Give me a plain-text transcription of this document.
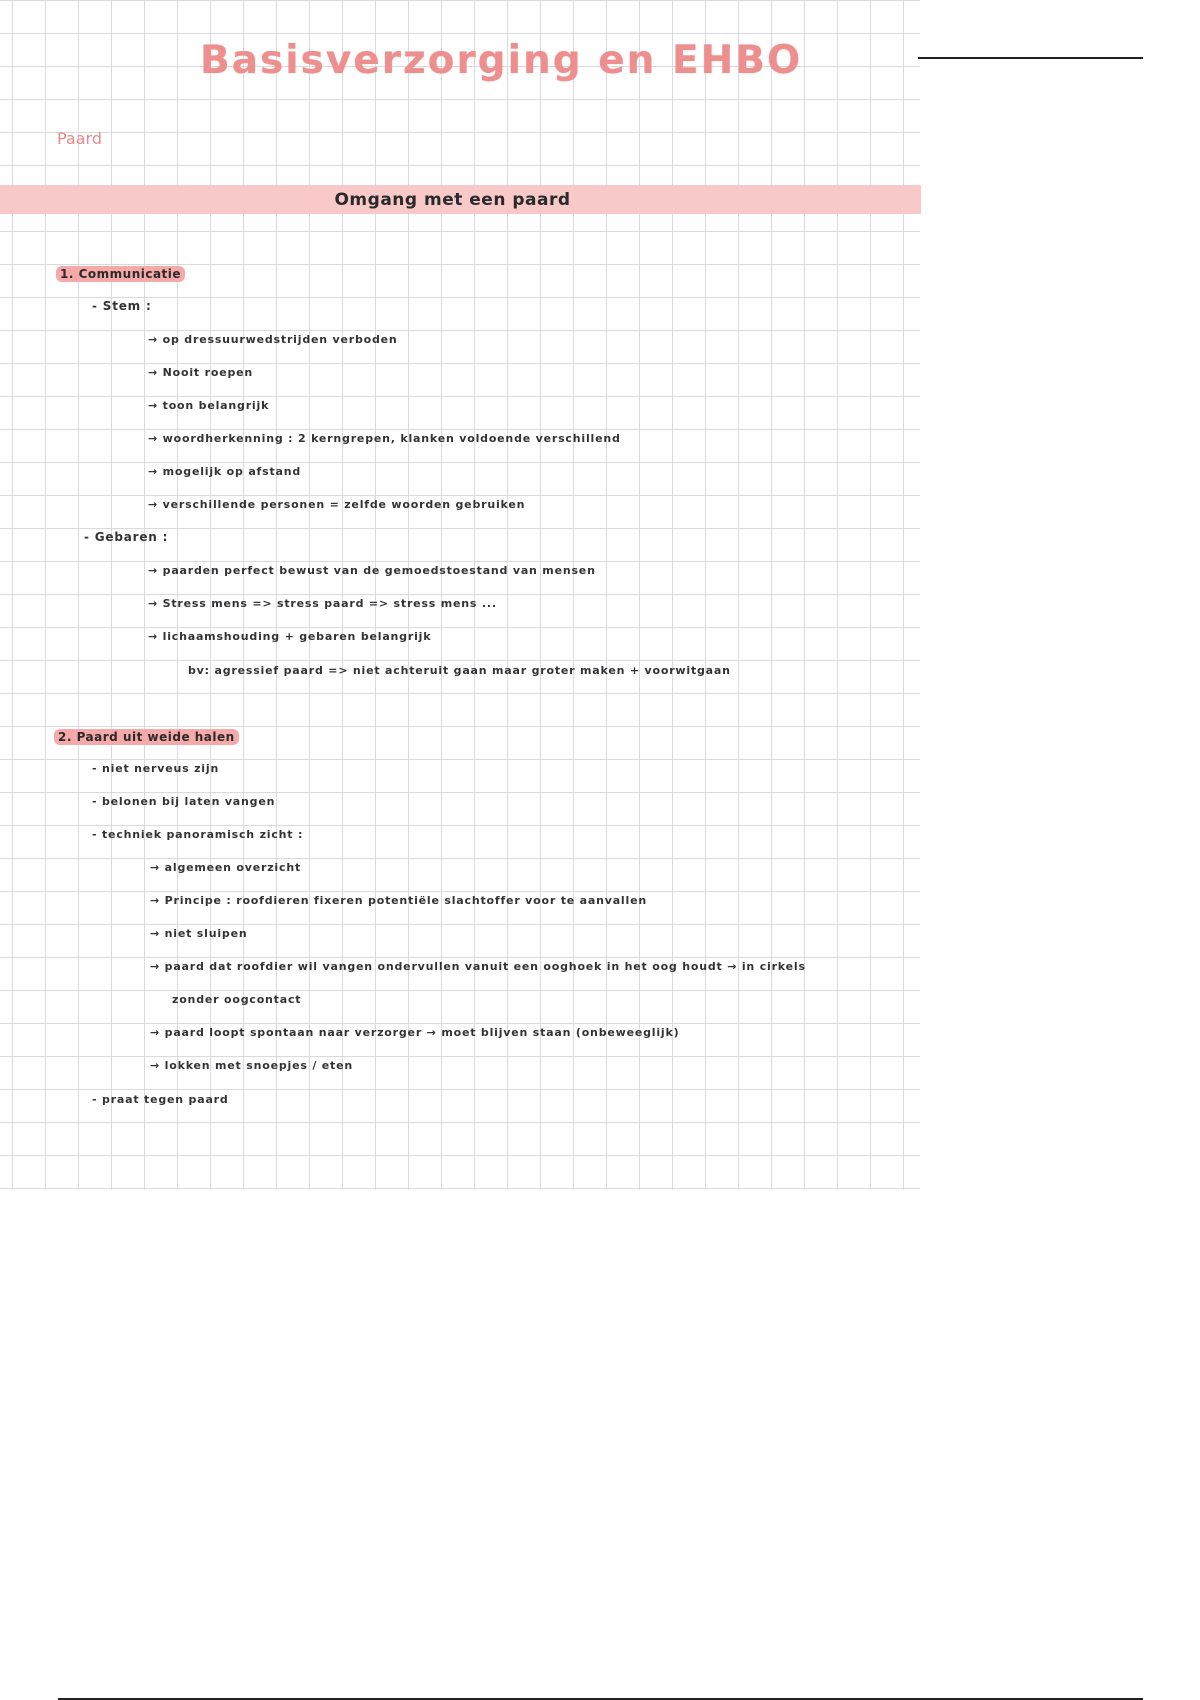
Basisverzorging en EHBO
Paard
Omgang met een paard
1. Communicatie
- Stem :
→ op dressuurwedstrijden verboden
→ Nooit roepen
→ toon belangrijk
→ woordherkenning : 2 kerngrepen, klanken voldoende verschillend
→ mogelijk op afstand
→ verschillende personen = zelfde woorden gebruiken
- Gebaren :
→ paarden perfect bewust van de gemoedstoestand van mensen
→ Stress mens => stress paard => stress mens ...
→ lichaamshouding + gebaren belangrijk
bv: agressief paard => niet achteruit gaan maar groter maken + voorwitgaan
2. Paard uit weide halen
- niet nerveus zijn
- belonen bij laten vangen
- techniek panoramisch zicht :
→ algemeen overzicht
→ Principe : roofdieren fixeren potentiële slachtoffer voor te aanvallen
→ niet sluipen
→ paard dat roofdier wil vangen ondervullen vanuit een ooghoek in het oog houdt → in cirkels
zonder oogcontact
→ paard loopt spontaan naar verzorger → moet blijven staan (onbeweeglijk)
→ lokken met snoepjes / eten
- praat tegen paard
